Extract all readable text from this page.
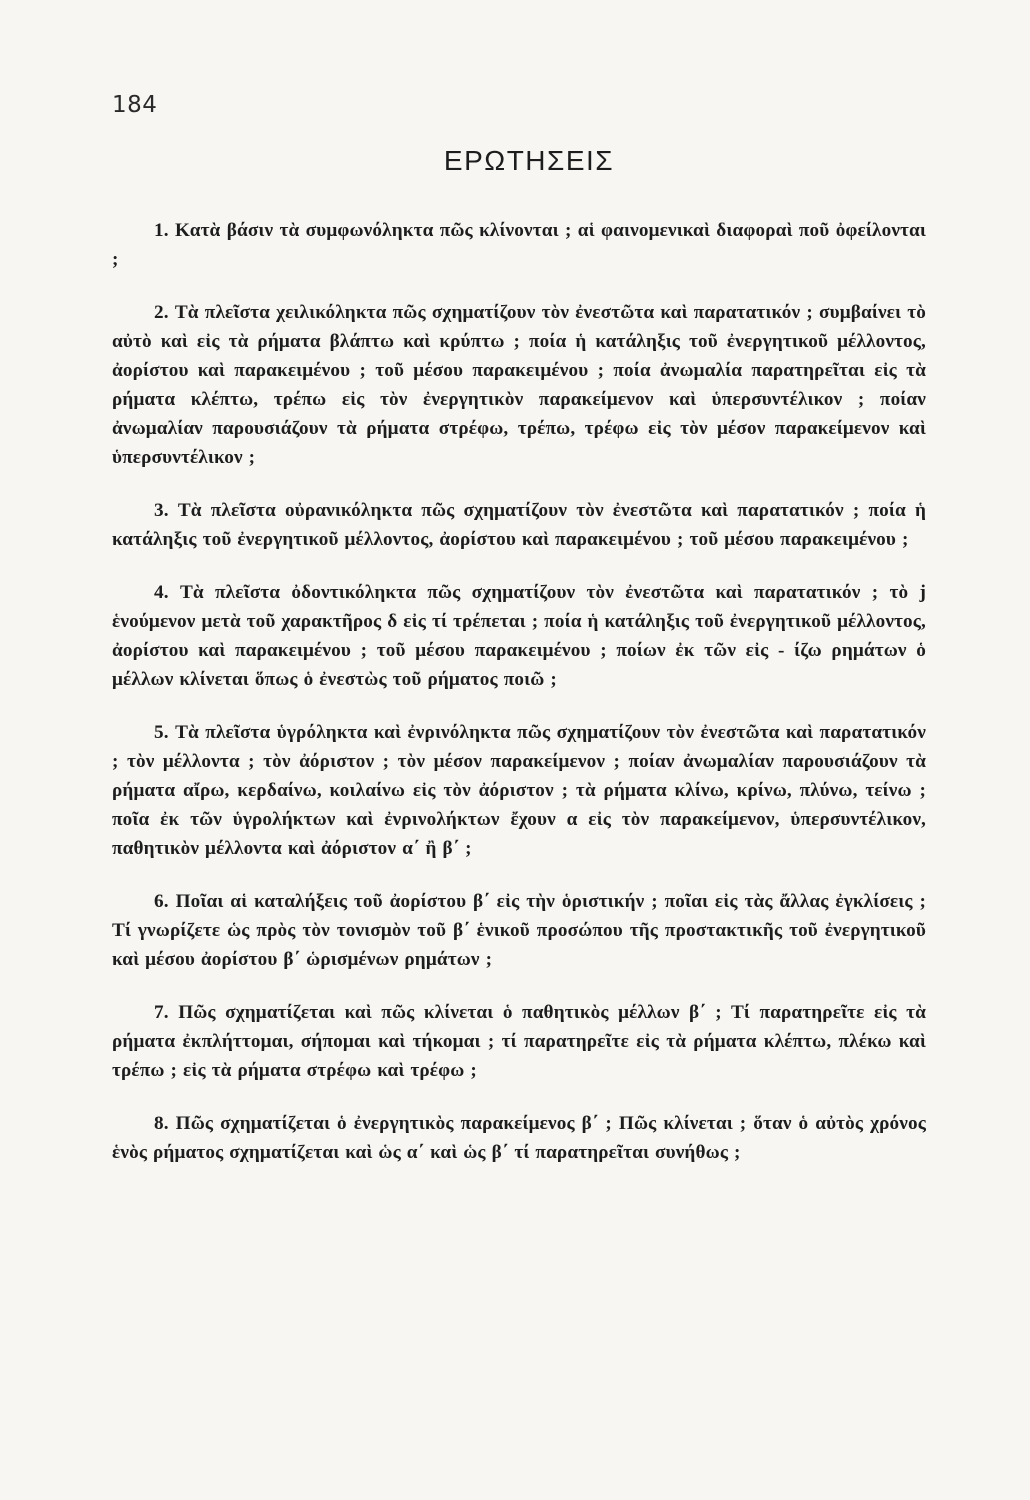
184
ΕΡΩΤΗΣΕΙΣ

1. Κατὰ βάσιν τὰ συμφωνόληκτα πῶς κλίνονται ; αἱ φαινομενικαὶ διαφοραὶ ποῦ ὀφείλονται ;

2. Τὰ πλεῖστα χειλικόληκτα πῶς σχηματίζουν τὸν ἐνεστῶτα καὶ παρατατικόν ; συμβαίνει τὸ αὐτὸ καὶ εἰς τὰ ρήματα βλάπτω καὶ κρύπτω ; ποία ἡ κατάληξις τοῦ ἐνεργητικοῦ μέλλοντος, ἀορίστου καὶ παρακειμένου ; τοῦ μέσου παρακειμένου ; ποία ἀνωμαλία παρατηρεῖται εἰς τὰ ρήματα κλέπτω, τρέπω εἰς τὸν ἐνεργητικὸν παρακείμενον καὶ ὑπερσυντέλικον ; ποίαν ἀνωμαλίαν παρουσιάζουν τὰ ρήματα στρέφω, τρέπω, τρέφω εἰς τὸν μέσον παρακείμενον καὶ ὑπερσυντέλικον ;

3. Τὰ πλεῖστα οὐρανικόληκτα πῶς σχηματίζουν τὸν ἐνεστῶτα καὶ παρατατικόν ; ποία ἡ κατάληξις τοῦ ἐνεργητικοῦ μέλλοντος, ἀορίστου καὶ παρακειμένου ; τοῦ μέσου παρακειμένου ;

4. Τὰ πλεῖστα ὀδοντικόληκτα πῶς σχηματίζουν τὸν ἐνεστῶτα καὶ παρατατικόν ; τὸ j ἑνούμενον μετὰ τοῦ χαρακτῆρος δ εἰς τί τρέπεται ; ποία ἡ κατάληξις τοῦ ἐνεργητικοῦ μέλλοντος, ἀορίστου καὶ παρακειμένου ; τοῦ μέσου παρακειμένου ; ποίων ἐκ τῶν εἰς - ίζω ρημάτων ὁ μέλλων κλίνεται ὅπως ὁ ἐνεστὼς τοῦ ρήματος ποιῶ ;

5. Τὰ πλεῖστα ὑγρόληκτα καὶ ἐνρινόληκτα πῶς σχηματίζουν τὸν ἐνεστῶτα καὶ παρατατικόν ; τὸν μέλλοντα ; τὸν ἀόριστον ; τὸν μέσον παρακείμενον ; ποίαν ἀνωμαλίαν παρουσιάζουν τὰ ρήματα αἴρω, κερδαίνω, κοιλαίνω εἰς τὸν ἀόριστον ; τὰ ρήματα κλίνω, κρίνω, πλύνω, τείνω ; ποῖα ἐκ τῶν ὑγρολήκτων καὶ ἐνρινολήκτων ἔχουν α εἰς τὸν παρακείμενον, ὑπερσυντέλικον, παθητικὸν μέλλοντα καὶ ἀόριστον α΄ ἢ β΄ ;

6. Ποῖαι αἱ καταλήξεις τοῦ ἀορίστου β΄ εἰς τὴν ὁριστικήν ; ποῖαι εἰς τὰς ἄλλας ἐγκλίσεις ; Τί γνωρίζετε ὡς πρὸς τὸν τονισμὸν τοῦ β΄ ἑνικοῦ προσώπου τῆς προστακτικῆς τοῦ ἐνεργητικοῦ καὶ μέσου ἀορίστου β΄ ὡρισμένων ρημάτων ;

7. Πῶς σχηματίζεται καὶ πῶς κλίνεται ὁ παθητικὸς μέλλων β΄ ; Τί παρατηρεῖτε εἰς τὰ ρήματα ἐκπλήττομαι, σήπομαι καὶ τήκομαι ; τί παρατηρεῖτε εἰς τὰ ρήματα κλέπτω, πλέκω καὶ τρέπω ; εἰς τὰ ρήματα στρέφω καὶ τρέφω ;

8. Πῶς σχηματίζεται ὁ ἐνεργητικὸς παρακείμενος β΄ ; Πῶς κλίνεται ; ὅταν ὁ αὐτὸς χρόνος ἑνὸς ρήματος σχηματίζεται καὶ ὡς α΄ καὶ ὡς β΄ τί παρατηρεῖται συνήθως ;
